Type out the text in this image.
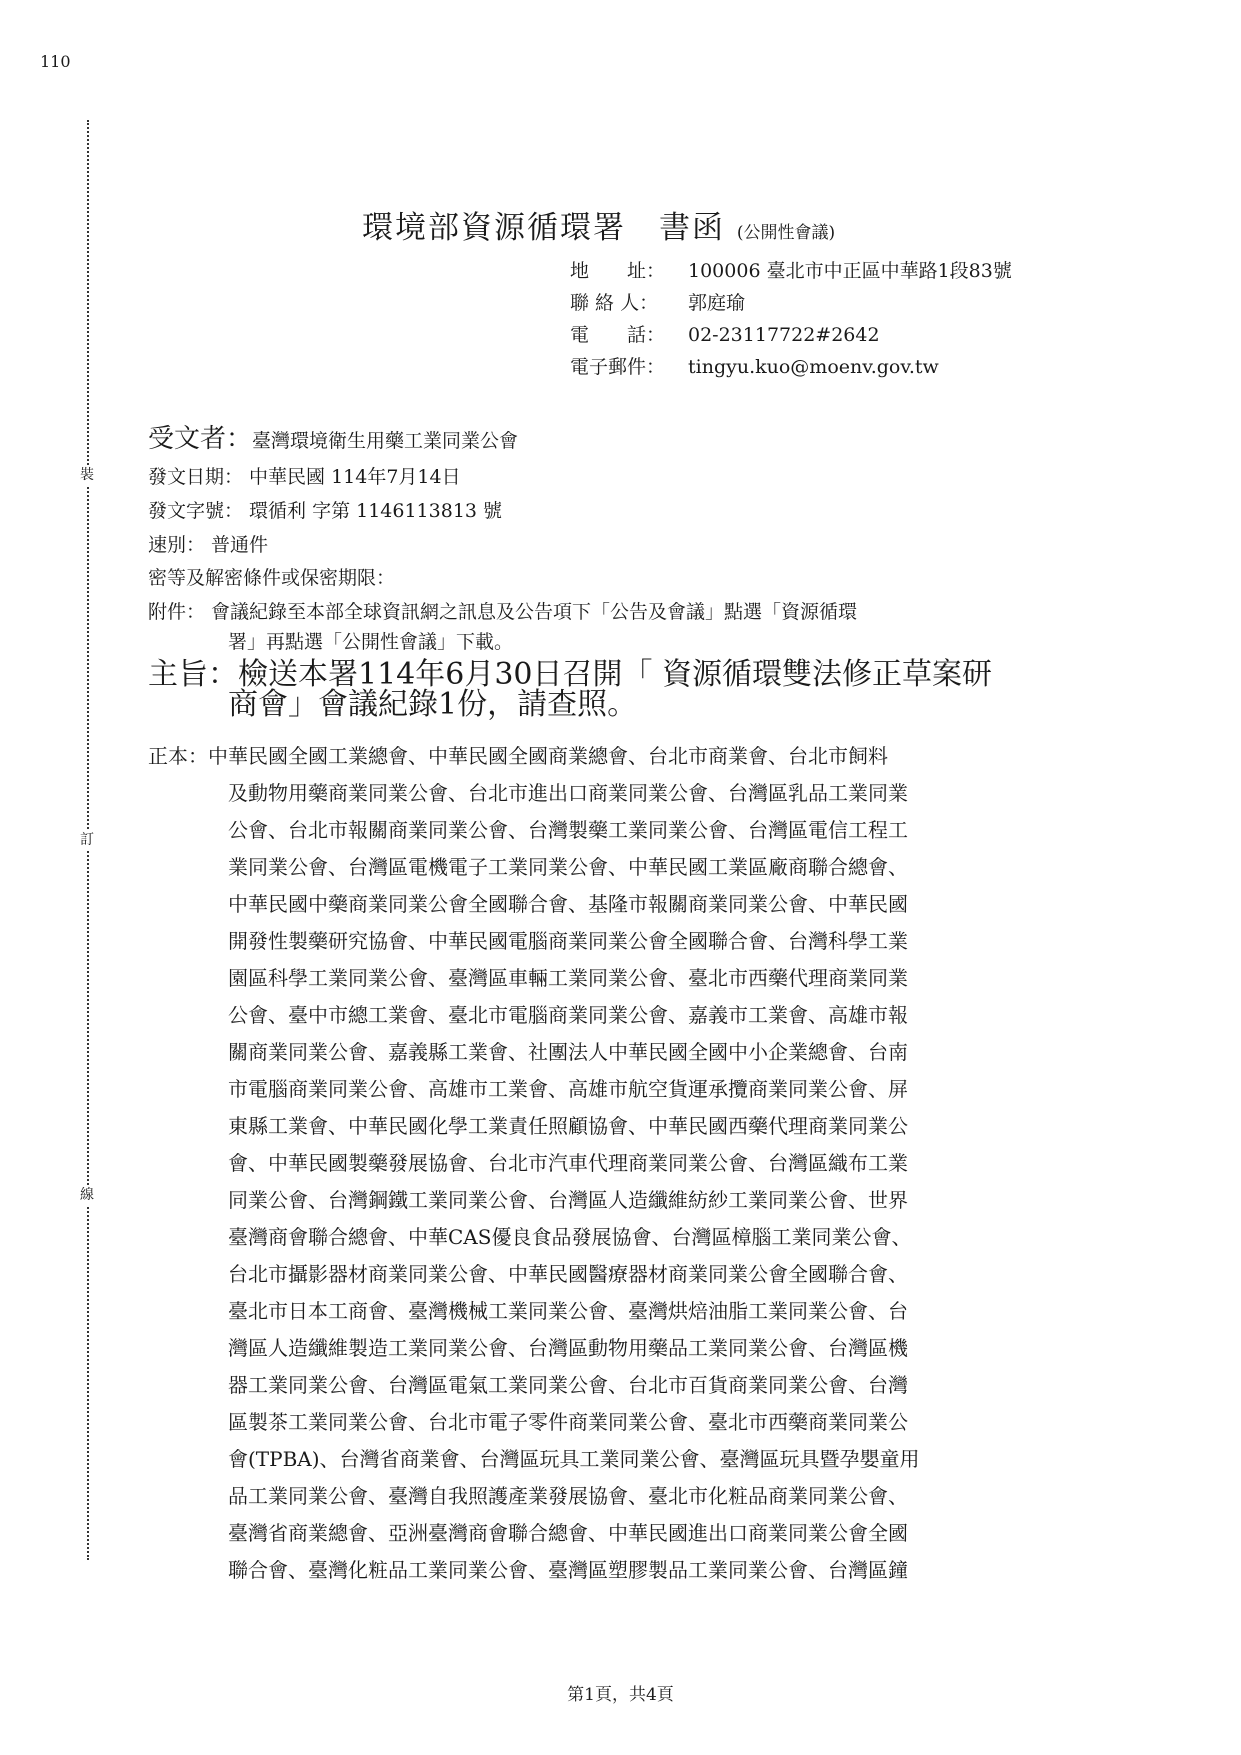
110
裝
訂
線
環境部資源循環署　書函 (公開性會議)
地　　址：	100006 臺北市中正區中華路1段83號
聯 絡 人：	郭庭瑜
電　　話：	02-23117722#2642
電子郵件：	tingyu.kuo@moenv.gov.tw
受文者：臺灣環境衛生用藥工業同業公會
發文日期： 中華民國 114年7月14日
發文字號： 環循利 字第 1146113813 號
速別： 普通件
密等及解密條件或保密期限：
附件： 會議紀錄至本部全球資訊網之訊息及公告項下「公告及會議」點選「資源循環
署」再點選「公開性會議」下載。
主旨：檢送本署114年6月30日召開「 資源循環雙法修正草案研
商會」會議紀錄1份，請查照。
正本：中華民國全國工業總會、中華民國全國商業總會、台北市商業會、台北市飼料
及動物用藥商業同業公會、台北市進出口商業同業公會、台灣區乳品工業同業
公會、台北市報關商業同業公會、台灣製藥工業同業公會、台灣區電信工程工
業同業公會、台灣區電機電子工業同業公會、中華民國工業區廠商聯合總會、
中華民國中藥商業同業公會全國聯合會、基隆市報關商業同業公會、中華民國
開發性製藥研究協會、中華民國電腦商業同業公會全國聯合會、台灣科學工業
園區科學工業同業公會、臺灣區車輛工業同業公會、臺北市西藥代理商業同業
公會、臺中市總工業會、臺北市電腦商業同業公會、嘉義市工業會、高雄市報
關商業同業公會、嘉義縣工業會、社團法人中華民國全國中小企業總會、台南
市電腦商業同業公會、高雄市工業會、高雄市航空貨運承攬商業同業公會、屏
東縣工業會、中華民國化學工業責任照顧協會、中華民國西藥代理商業同業公
會、中華民國製藥發展協會、台北市汽車代理商業同業公會、台灣區織布工業
同業公會、台灣鋼鐵工業同業公會、台灣區人造纖維紡紗工業同業公會、世界
臺灣商會聯合總會、中華CAS優良食品發展協會、台灣區樟腦工業同業公會、
台北市攝影器材商業同業公會、中華民國醫療器材商業同業公會全國聯合會、
臺北市日本工商會、臺灣機械工業同業公會、臺灣烘焙油脂工業同業公會、台
灣區人造纖維製造工業同業公會、台灣區動物用藥品工業同業公會、台灣區機
器工業同業公會、台灣區電氣工業同業公會、台北市百貨商業同業公會、台灣
區製茶工業同業公會、台北市電子零件商業同業公會、臺北市西藥商業同業公
會(TPBA)、台灣省商業會、台灣區玩具工業同業公會、臺灣區玩具暨孕嬰童用
品工業同業公會、臺灣自我照護產業發展協會、臺北市化粧品商業同業公會、
臺灣省商業總會、亞洲臺灣商會聯合總會、中華民國進出口商業同業公會全國
聯合會、臺灣化粧品工業同業公會、臺灣區塑膠製品工業同業公會、台灣區鐘
第1頁，共4頁
